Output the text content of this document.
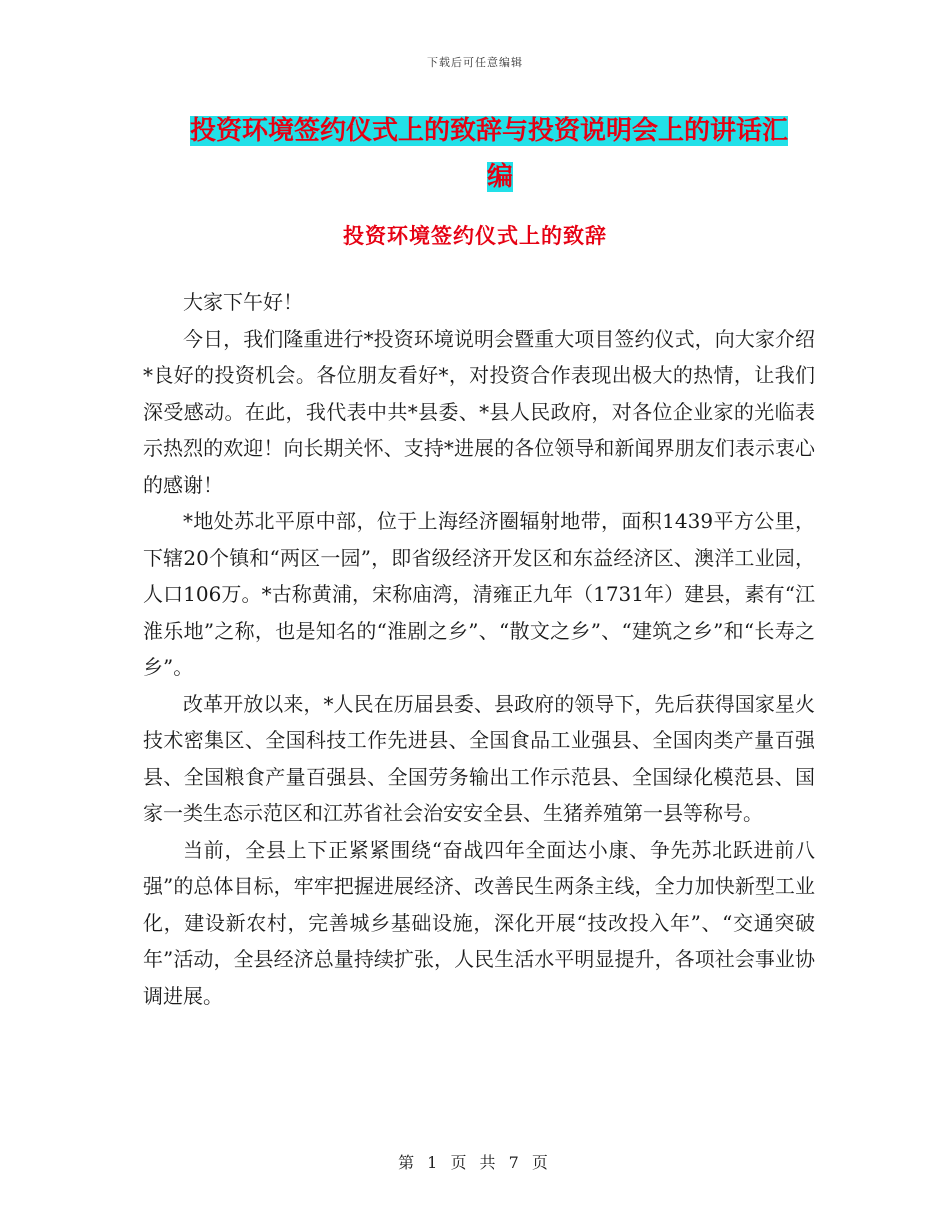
下载后可任意编辑
投资环境签约仪式上的致辞与投资说明会上的讲话汇
编
投资环境签约仪式上的致辞

大家下午好！

今日，我们隆重进行*投资环境说明会暨重大项目签约仪式，向大家介绍*良好的投资机会。各位朋友看好*，对投资合作表现出极大的热情，让我们深受感动。在此，我代表中共*县委、*县人民政府，对各位企业家的光临表示热烈的欢迎！向长期关怀、支持*进展的各位领导和新闻界朋友们表示衷心的感谢！

*地处苏北平原中部，位于上海经济圈辐射地带，面积1439平方公里，下辖20个镇和“两区一园”，即省级经济开发区和东益经济区、澳洋工业园，人口106万。*古称黄浦，宋称庙湾，清雍正九年（1731年）建县，素有“江淮乐地”之称，也是知名的“淮剧之乡”、“散文之乡”、“建筑之乡”和“长寿之乡”。

改革开放以来，*人民在历届县委、县政府的领导下，先后获得国家星火技术密集区、全国科技工作先进县、全国食品工业强县、全国肉类产量百强县、全国粮食产量百强县、全国劳务输出工作示范县、全国绿化模范县、国家一类生态示范区和江苏省社会治安安全县、生猪养殖第一县等称号。

当前，全县上下正紧紧围绕“奋战四年全面达小康、争先苏北跃进前八强”的总体目标，牢牢把握进展经济、改善民生两条主线，全力加快新型工业化，建设新农村，完善城乡基础设施，深化开展“技改投入年”、“交通突破年”活动，全县经济总量持续扩张，人民生活水平明显提升，各项社会事业协调进展。

第 1 页 共 7 页
